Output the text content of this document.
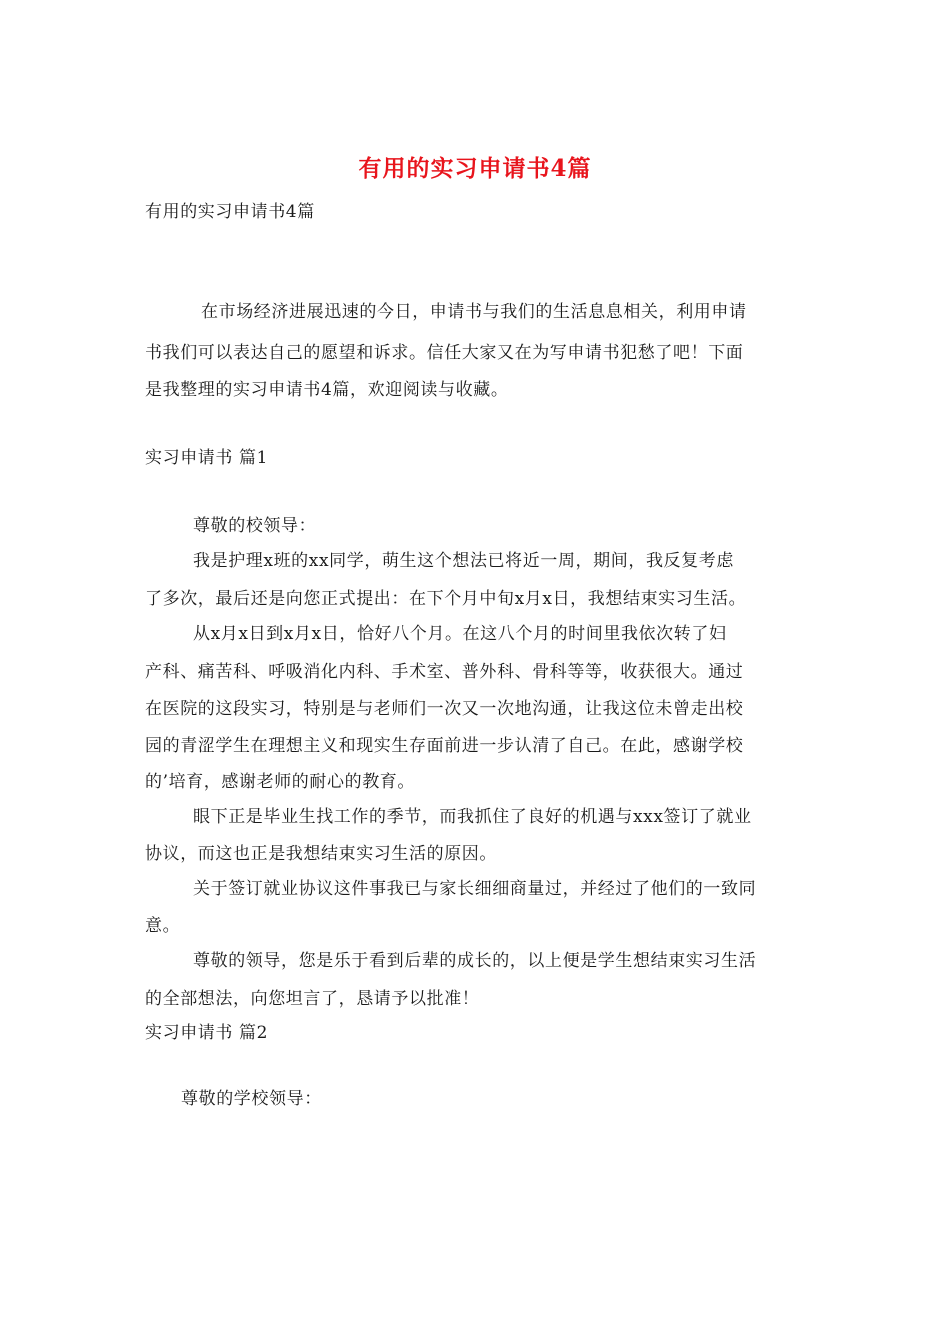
有用的实习申请书4篇
有用的实习申请书4篇
在市场经济进展迅速的今日，申请书与我们的生活息息相关，利用申请
书我们可以表达自己的愿望和诉求。信任大家又在为写申请书犯愁了吧！下面
是我整理的实习申请书4篇，欢迎阅读与收藏。
实习申请书 篇1
尊敬的校领导：
我是护理x班的xx同学，萌生这个想法已将近一周，期间，我反复考虑
了多次，最后还是向您正式提出：在下个月中旬x月x日，我想结束实习生活。
从x月x日到x月x日，恰好八个月。在这八个月的时间里我依次转了妇
产科、痛苦科、呼吸消化内科、手术室、普外科、骨科等等，收获很大。通过
在医院的这段实习，特别是与老师们一次又一次地沟通，让我这位未曾走出校
园的青涩学生在理想主义和现实生存面前进一步认清了自己。在此，感谢学校
的’培育，感谢老师的耐心的教育。
眼下正是毕业生找工作的季节，而我抓住了良好的机遇与xxx签订了就业
协议，而这也正是我想结束实习生活的原因。
关于签订就业协议这件事我已与家长细细商量过，并经过了他们的一致同
意。
尊敬的领导，您是乐于看到后辈的成长的，以上便是学生想结束实习生活
的全部想法，向您坦言了，恳请予以批准！
实习申请书 篇2
尊敬的学校领导：
